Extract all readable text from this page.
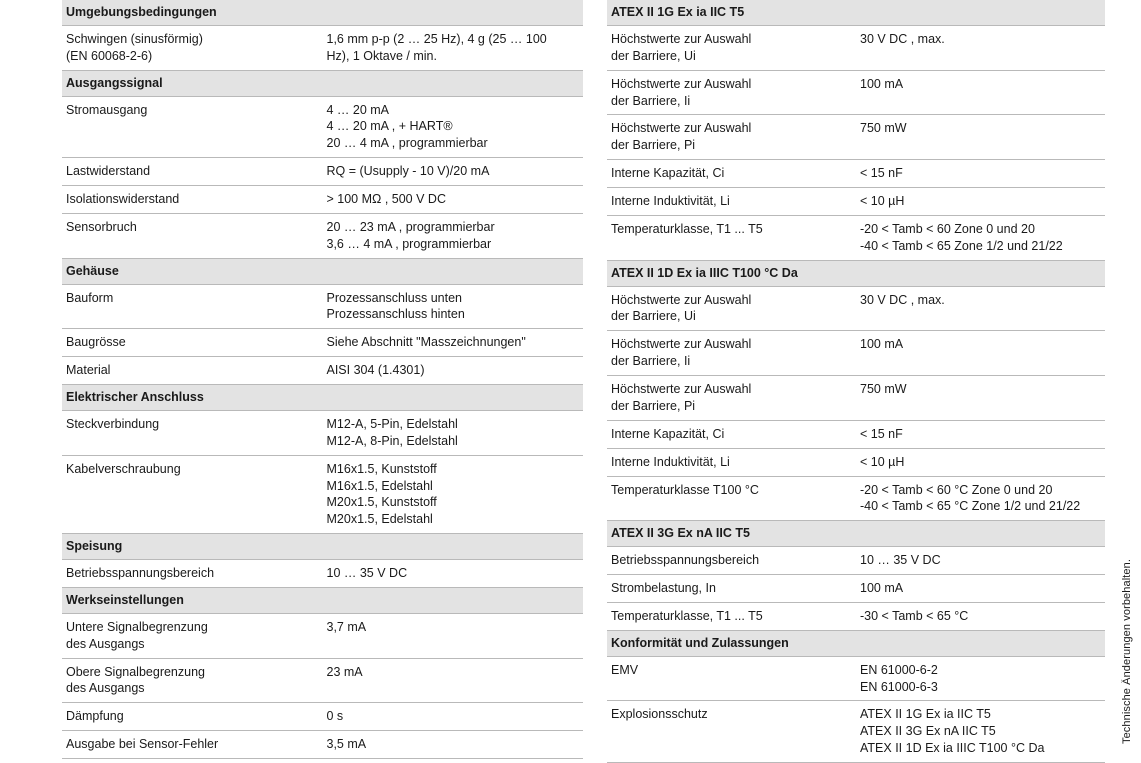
Umgebungsbedingungen	

Schwingen (sinusförmig)
(EN 60068-2-6)	1,6 mm p-p (2 … 25 Hz), 4 g (25 … 100
Hz), 1 Oktave / min.

Ausgangssignal	

Stromausgang	4 … 20 mA
4 … 20 mA , + HART®
20 … 4 mA , programmierbar

Lastwiderstand	RQ = (Usupply - 10 V)/20 mA

Isolationswiderstand	> 100 MΩ , 500 V DC

Sensorbruch	20 … 23 mA , programmierbar
3,6 … 4 mA , programmierbar

Gehäuse	

Bauform	Prozessanschluss unten
Prozessanschluss hinten

Baugrösse	Siehe Abschnitt "Masszeichnungen"

Material	AISI 304 (1.4301)

Elektrischer Anschluss	

Steckverbindung	M12-A, 5-Pin, Edelstahl
M12-A, 8-Pin, Edelstahl

Kabelverschraubung	M16x1.5, Kunststoff
M16x1.5, Edelstahl
M20x1.5, Kunststoff
M20x1.5, Edelstahl

Speisung	

Betriebsspannungsbereich	10 … 35 V DC

Werkseinstellungen	

Untere Signalbegrenzung
des Ausgangs	3,7 mA

Obere Signalbegrenzung
des Ausgangs	23 mA

Dämpfung	0 s

Ausgabe bei Sensor-Fehler	3,5 mA
ATEX II 1G Ex ia IIC T5	

Höchstwerte zur Auswahl
der Barriere, Ui	30 V DC , max.

Höchstwerte zur Auswahl
der Barriere, Ii	100 mA

Höchstwerte zur Auswahl
der Barriere, Pi	750 mW

Interne Kapazität, Ci	< 15 nF

Interne Induktivität, Li	< 10 µH

Temperaturklasse, T1 ... T5	-20 < Tamb < 60 Zone 0 und 20
-40 < Tamb < 65 Zone 1/2 und 21/22

ATEX II 1D Ex ia IIIC T100 °C Da	

Höchstwerte zur Auswahl
der Barriere, Ui	30 V DC , max.

Höchstwerte zur Auswahl
der Barriere, Ii	100 mA

Höchstwerte zur Auswahl
der Barriere, Pi	750 mW

Interne Kapazität, Ci	< 15 nF

Interne Induktivität, Li	< 10 µH

Temperaturklasse T100 °C	-20 < Tamb < 60 °C Zone 0 und 20
-40 < Tamb < 65 °C Zone 1/2 und 21/22

ATEX II 3G Ex nA IIC T5	

Betriebsspannungsbereich	10 … 35 V DC

Strombelastung, In	100 mA

Temperaturklasse, T1 ... T5	-30 < Tamb < 65 °C

Konformität und Zulassungen	

EMV	EN 61000-6-2
EN 61000-6-3

Explosionsschutz	ATEX II 1G Ex ia IIC T5
ATEX II 3G Ex nA IIC T5
ATEX II 1D Ex ia IIIC T100 °C Da
Technische Änderungen vorbehalten.
